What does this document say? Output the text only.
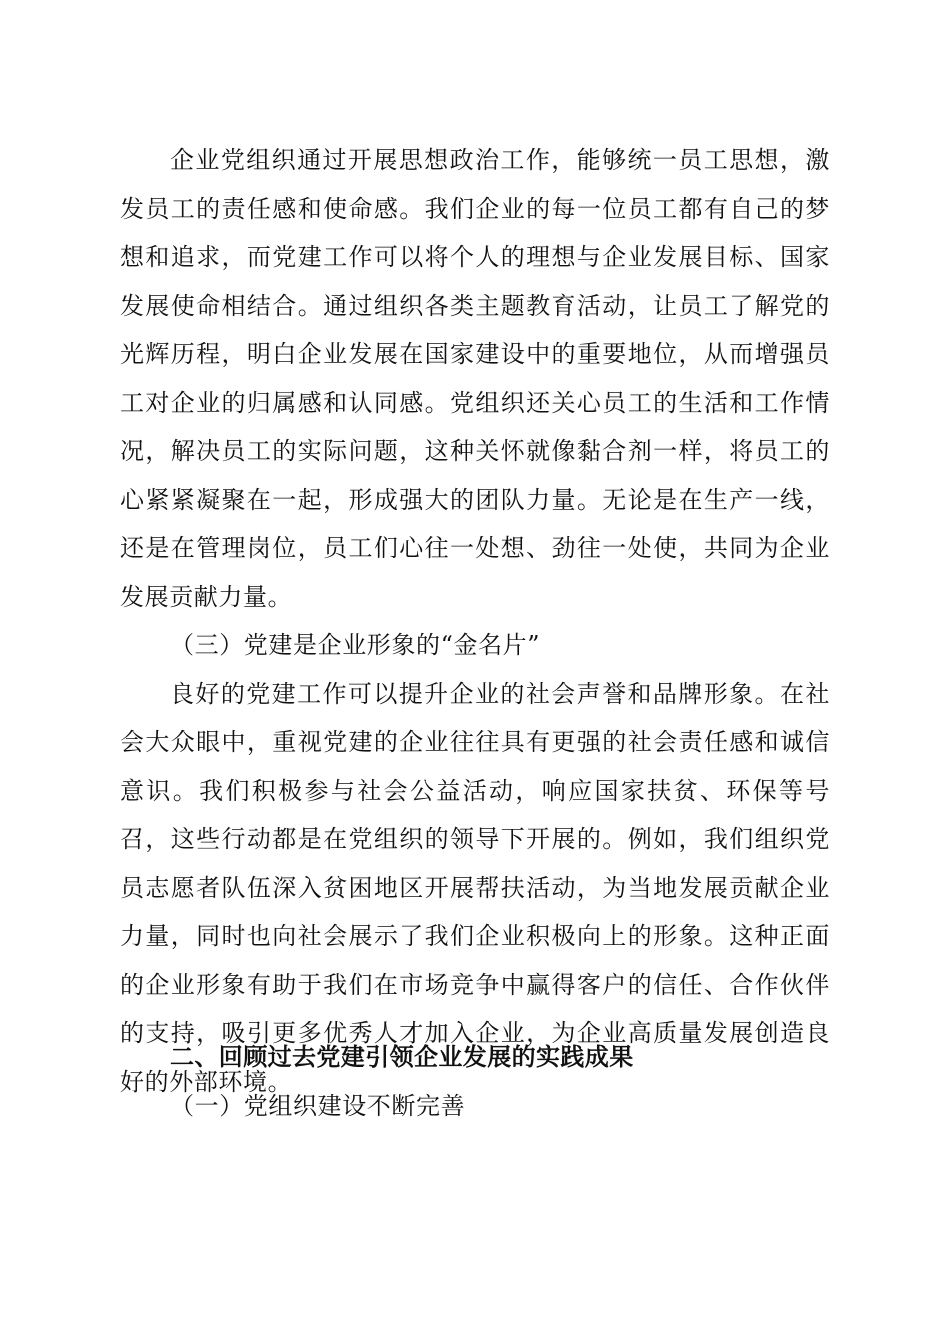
企业党组织通过开展思想政治工作，能够统一员工思想，激发员工的责任感和使命感。我们企业的每一位员工都有自己的梦想和追求，而党建工作可以将个人的理想与企业发展目标、国家发展使命相结合。通过组织各类主题教育活动，让员工了解党的光辉历程，明白企业发展在国家建设中的重要地位，从而增强员工对企业的归属感和认同感。党组织还关心员工的生活和工作情况，解决员工的实际问题，这种关怀就像黏合剂一样，将员工的心紧紧凝聚在一起，形成强大的团队力量。无论是在生产一线，还是在管理岗位，员工们心往一处想、劲往一处使，共同为企业发展贡献力量。

（三）党建是企业形象的“金名片”

良好的党建工作可以提升企业的社会声誉和品牌形象。在社会大众眼中，重视党建的企业往往具有更强的社会责任感和诚信意识。我们积极参与社会公益活动，响应国家扶贫、环保等号召，这些行动都是在党组织的领导下开展的。例如，我们组织党员志愿者队伍深入贫困地区开展帮扶活动，为当地发展贡献企业力量，同时也向社会展示了我们企业积极向上的形象。这种正面的企业形象有助于我们在市场竞争中赢得客户的信任、合作伙伴的支持，吸引更多优秀人才加入企业，为企业高质量发展创造良好的外部环境。

二、回顾过去党建引领企业发展的实践成果

（一）党组织建设不断完善
